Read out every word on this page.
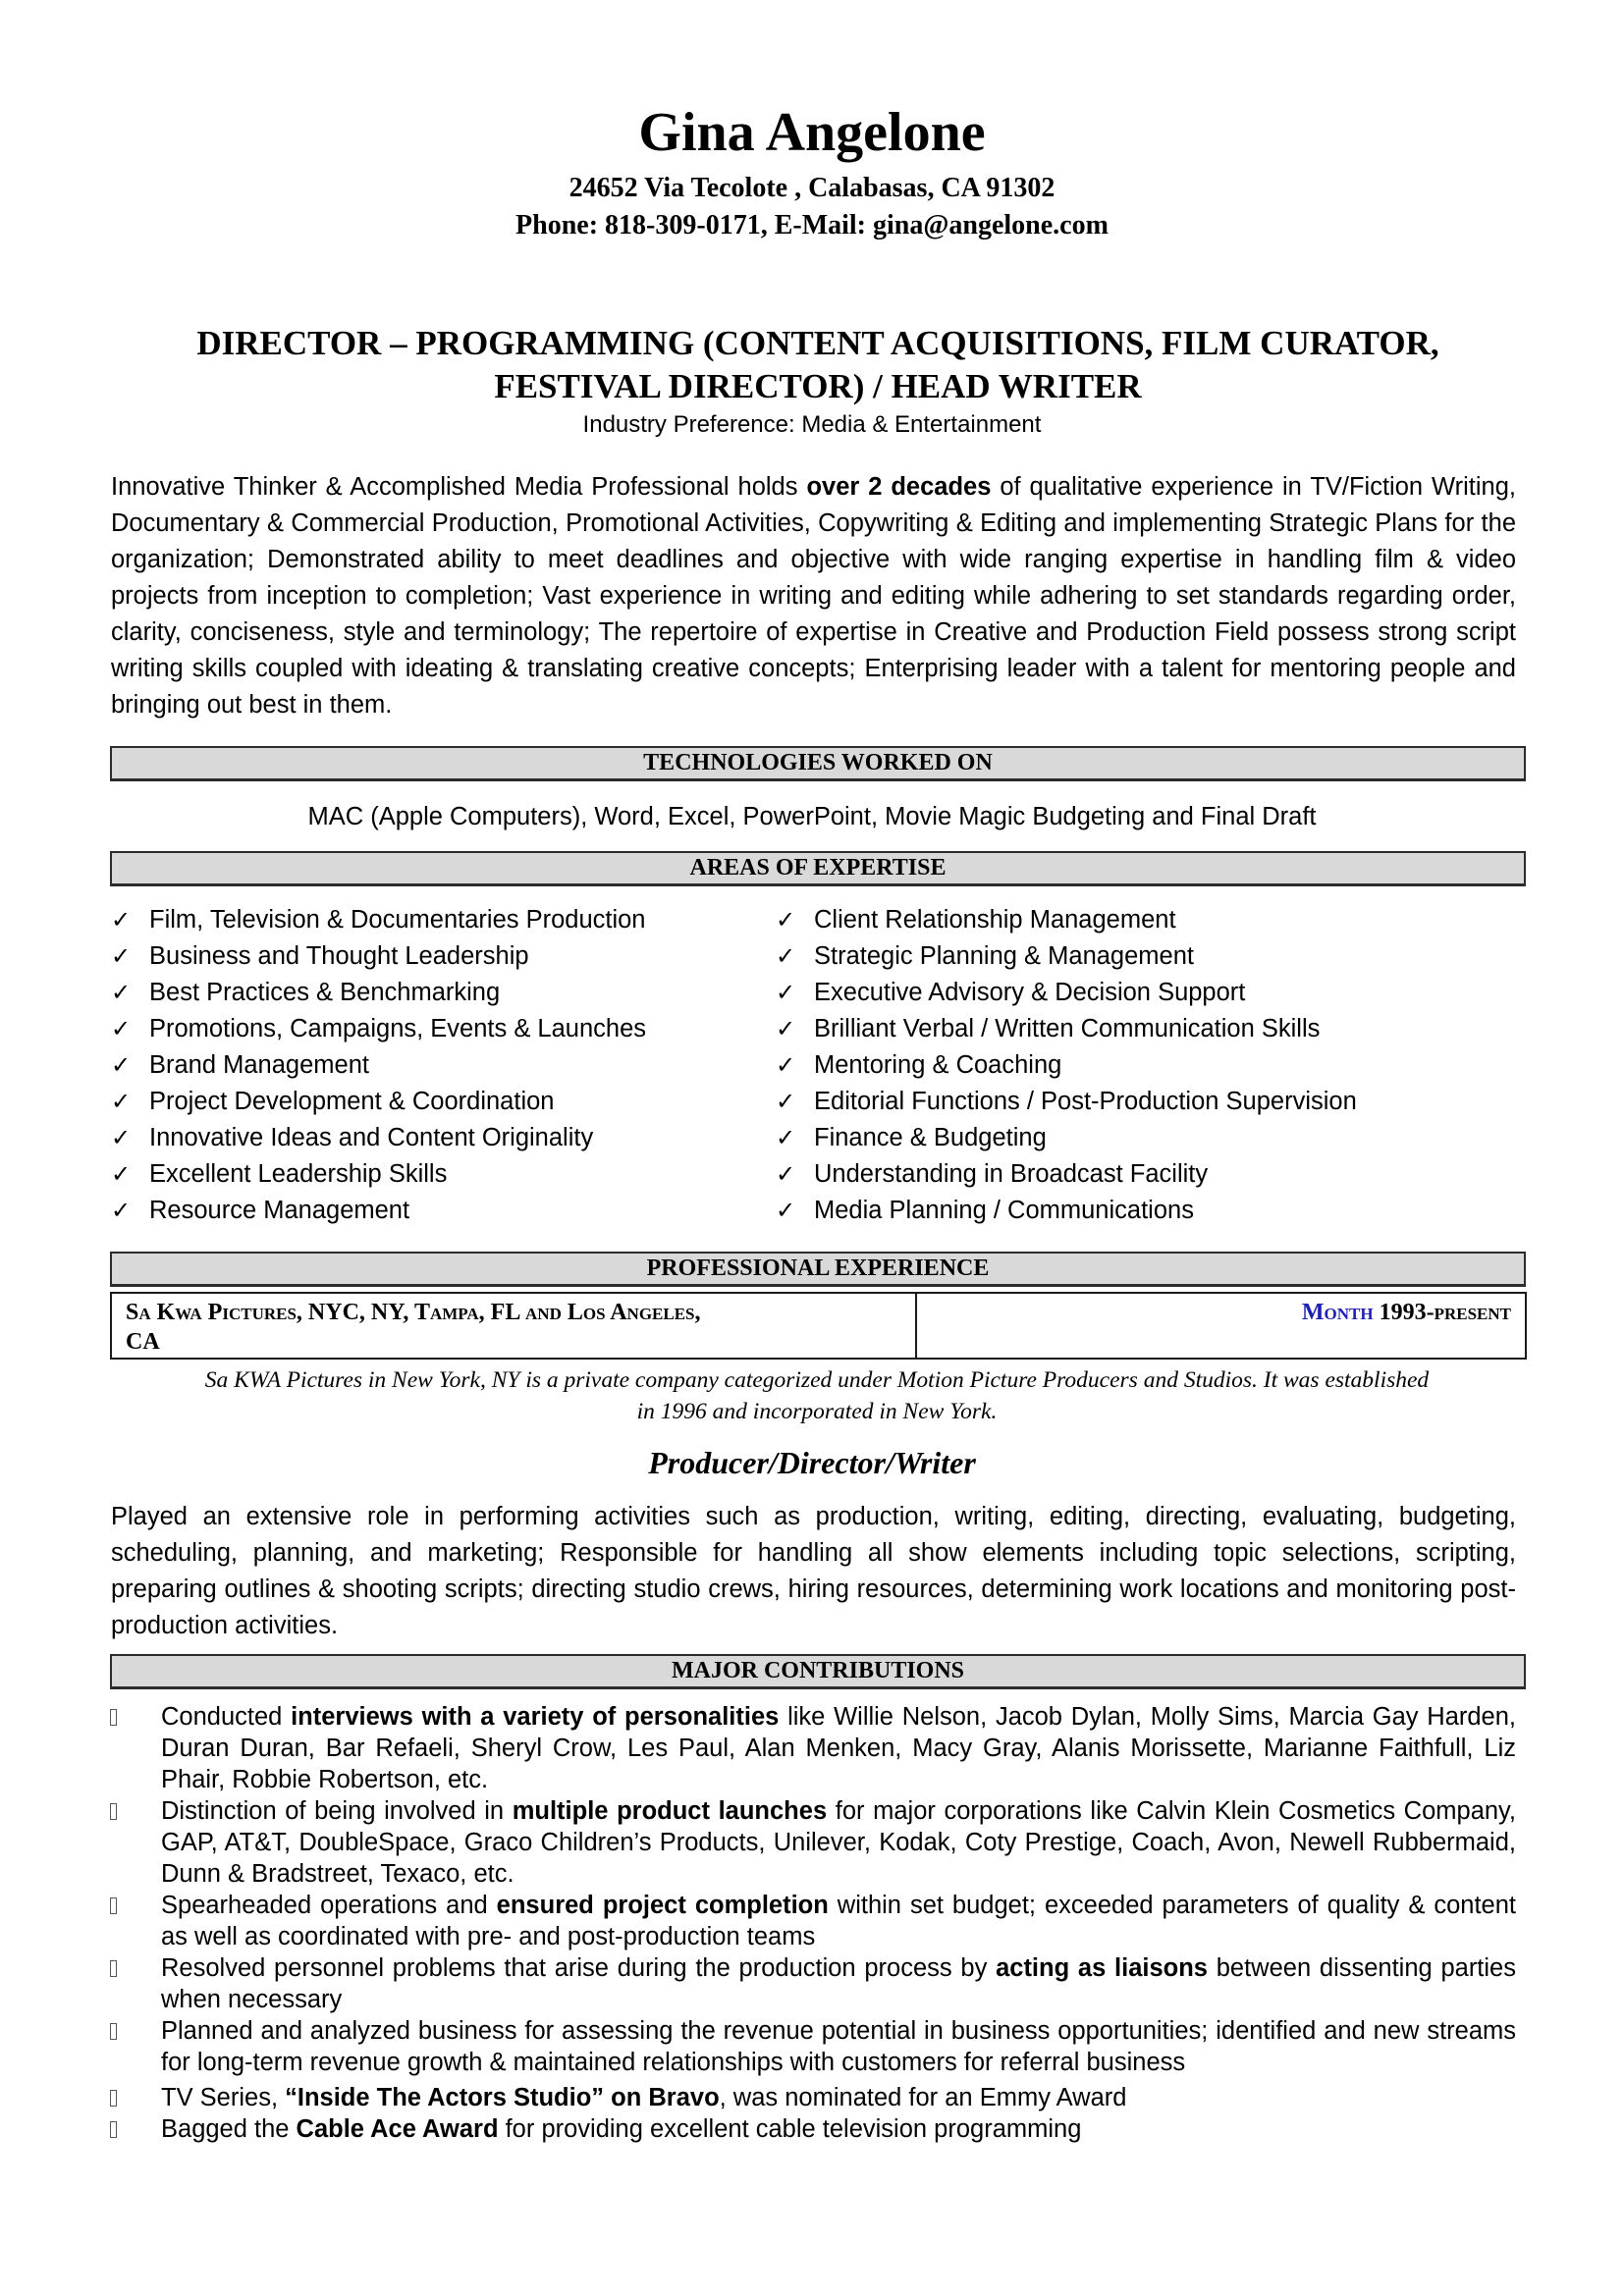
Gina Angelone
24652 Via Tecolote , Calabasas, CA 91302
Phone: 818-309-0171, E-Mail: gina@angelone.com
DIRECTOR – PROGRAMMING (CONTENT ACQUISITIONS, FILM CURATOR,
FESTIVAL DIRECTOR) / HEAD WRITER
Industry Preference: Media & Entertainment
Innovative Thinker & Accomplished Media Professional holds over 2 decades of qualitative experience in TV/Fiction Writing, Documentary & Commercial Production, Promotional Activities, Copywriting & Editing and implementing Strategic Plans for the organization; Demonstrated ability to meet deadlines and objective with wide ranging expertise in handling film & video projects from inception to completion; Vast experience in writing and editing while adhering to set standards regarding order, clarity, conciseness, style and terminology; The repertoire of expertise in Creative and Production Field possess strong script writing skills coupled with ideating & translating creative concepts; Enterprising leader with a talent for mentoring people and bringing out best in them.
TECHNOLOGIES WORKED ON
MAC (Apple Computers), Word, Excel, PowerPoint, Movie Magic Budgeting and Final Draft
AREAS OF EXPERTISE
✓ Film, Television & Documentaries Production
✓ Business and Thought Leadership
✓ Best Practices & Benchmarking
✓ Promotions, Campaigns, Events & Launches
✓ Brand Management
✓ Project Development & Coordination
✓ Innovative Ideas and Content Originality
✓ Excellent Leadership Skills
✓ Resource Management
✓ Client Relationship Management
✓ Strategic Planning & Management
✓ Executive Advisory & Decision Support
✓ Brilliant Verbal / Written Communication Skills
✓ Mentoring & Coaching
✓ Editorial Functions / Post-Production Supervision
✓ Finance & Budgeting
✓ Understanding in Broadcast Facility
✓ Media Planning / Communications
PROFESSIONAL EXPERIENCE
Sa Kwa Pictures, NYC, NY, Tampa, FL and Los Angeles,
CA
Month 1993-present
Sa KWA Pictures in New York, NY is a private company categorized under Motion Picture Producers and Studios. It was established
in 1996 and incorporated in New York.
Producer/Director/Writer
Played an extensive role in performing activities such as production, writing, editing, directing, evaluating, budgeting, scheduling, planning, and marketing; Responsible for handling all show elements including topic selections, scripting, preparing outlines & shooting scripts; directing studio crews, hiring resources, determining work locations and monitoring post-production activities.
MAJOR CONTRIBUTIONS
Conducted interviews with a variety of personalities like Willie Nelson, Jacob Dylan, Molly Sims, Marcia Gay Harden, Duran Duran, Bar Refaeli, Sheryl Crow, Les Paul, Alan Menken, Macy Gray, Alanis Morissette, Marianne Faithfull, Liz Phair, Robbie Robertson, etc.
Distinction of being involved in multiple product launches for major corporations like Calvin Klein Cosmetics Company, GAP, AT&T, DoubleSpace, Graco Children’s Products, Unilever, Kodak, Coty Prestige, Coach, Avon, Newell Rubbermaid, Dunn & Bradstreet, Texaco, etc.
Spearheaded operations and ensured project completion within set budget; exceeded parameters of quality & content as well as coordinated with pre- and post-production teams
Resolved personnel problems that arise during the production process by acting as liaisons between dissenting parties when necessary
Planned and analyzed business for assessing the revenue potential in business opportunities; identified and new streams for long-term revenue growth & maintained relationships with customers for referral business
TV Series, “Inside The Actors Studio” on Bravo, was nominated for an Emmy Award
Bagged the Cable Ace Award for providing excellent cable television programming
